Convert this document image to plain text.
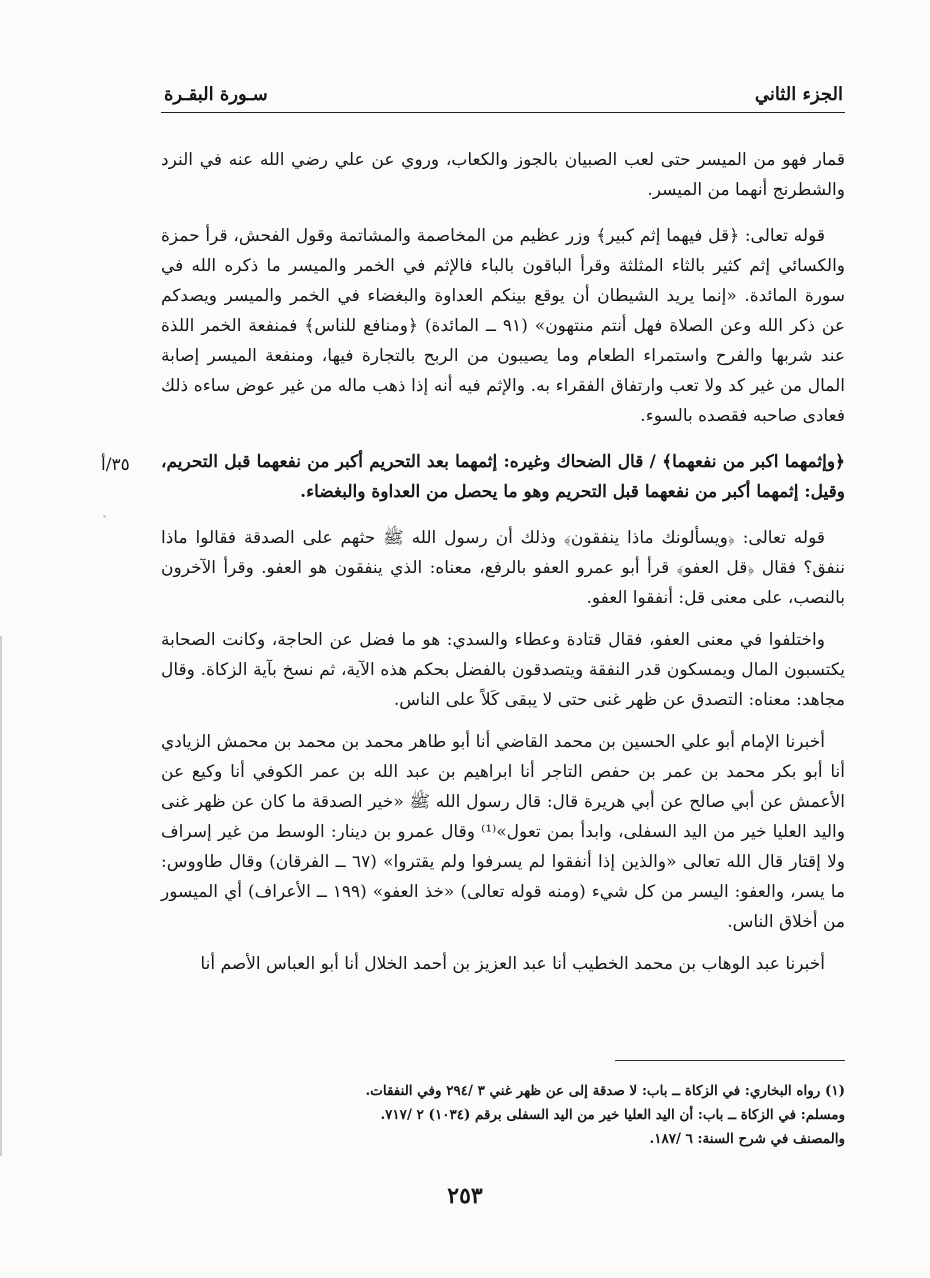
الجزء الثاني
سـورة البقـرة
٣٥/أ

قمار فهو من الميسر حتى لعب الصبيان بالجوز والكعاب، وروي عن علي رضي الله عنه في النرد والشطرنج أنهما من الميسر.

قوله تعالى: ﴿قل فيهما إثم كبير﴾ وزر عظيم من المخاصمة والمشاتمة وقول الفحش، قرأ حمزة والكسائي إثم كثير بالثاء المثلثة وقرأ الباقون بالباء فالإثم في الخمر والميسر ما ذكره الله في سورة المائدة. «إنما يريد الشيطان أن يوقع بينكم العداوة والبغضاء في الخمر والميسر ويصدكم عن ذكر الله وعن الصلاة فهل أنتم منتهون» (٩١ ــ المائدة) ﴿ومنافع للناس﴾ فمنفعة الخمر اللذة عند شربها والفرح واستمراء الطعام وما يصيبون من الربح بالتجارة فيها، ومنفعة الميسر إصابة المال من غير كد ولا تعب وارتفاق الفقراء به. والإثم فيه أنه إذا ذهب ماله من غير عوض ساءه ذلك فعادى صاحبه فقصده بالسوء.

﴿وإثمهما اكبر من نفعهما﴾ / قال الضحاك وغيره: إثمهما بعد التحريم أكبر من نفعهما قبل التحريم، وقيل: إثمهما أكبر من نفعهما قبل التحريم وهو ما يحصل من العداوة والبغضاء.

قوله تعالى: ﴿ويسألونك ماذا ينفقون﴾ وذلك أن رسول الله ﷺ حثهم على الصدقة فقالوا ماذا ننفق؟ فقال ﴿قل العفو﴾ قرأ أبو عمرو العفو بالرفع، معناه: الذي ينفقون هو العفو. وقرأ الآخرون بالنصب، على معنى قل: أنفقوا العفو.

واختلفوا في معنى العفو، فقال قتادة وعطاء والسدي: هو ما فضل عن الحاجة، وكانت الصحابة يكتسبون المال ويمسكون قدر النفقة ويتصدقون بالفضل بحكم هذه الآية، ثم نسخ بآية الزكاة. وقال مجاهد: معناه: التصدق عن ظهر غنى حتى لا يبقى كَلاً على الناس.

أخبرنا الإمام أبو علي الحسين بن محمد القاضي أنا أبو طاهر محمد بن محمد بن محمش الزيادي أنا أبو بكر محمد بن عمر بن حفص التاجر أنا ابراهيم بن عبد الله بن عمر الكوفي أنا وكيع عن الأعمش عن أبي صالح عن أبي هريرة قال: قال رسول الله ﷺ «خير الصدقة ما كان عن ظهر غنى واليد العليا خير من اليد السفلى، وابدأ بمن تعول»⁽¹⁾ وقال عمرو بن دينار: الوسط من غير إسراف ولا إقتار قال الله تعالى «والذين إذا أنفقوا لم يسرفوا ولم يقتروا» (٦٧ ــ الفرقان) وقال طاووس: ما يسر، والعفو: اليسر من كل شيء (ومنه قوله تعالى) «خذ العفو» (١٩٩ ــ الأعراف) أي الميسور من أخلاق الناس.

أخبرنا عبد الوهاب بن محمد الخطيب أنا عبد العزيز بن أحمد الخلال أنا أبو العباس الأصم أنا

(١) رواه البخاري: في الزكاة ــ باب: لا صدقة إلى عن ظهر غني ٣ /٢٩٤ وفي النفقات.

ومسلم: في الزكاة ــ باب: أن اليد العليا خير من اليد السفلى برقم (١٠٣٤) ٢ /٧١٧.

والمصنف في شرح السنة: ٦ /١٨٧.

٢٥٣
